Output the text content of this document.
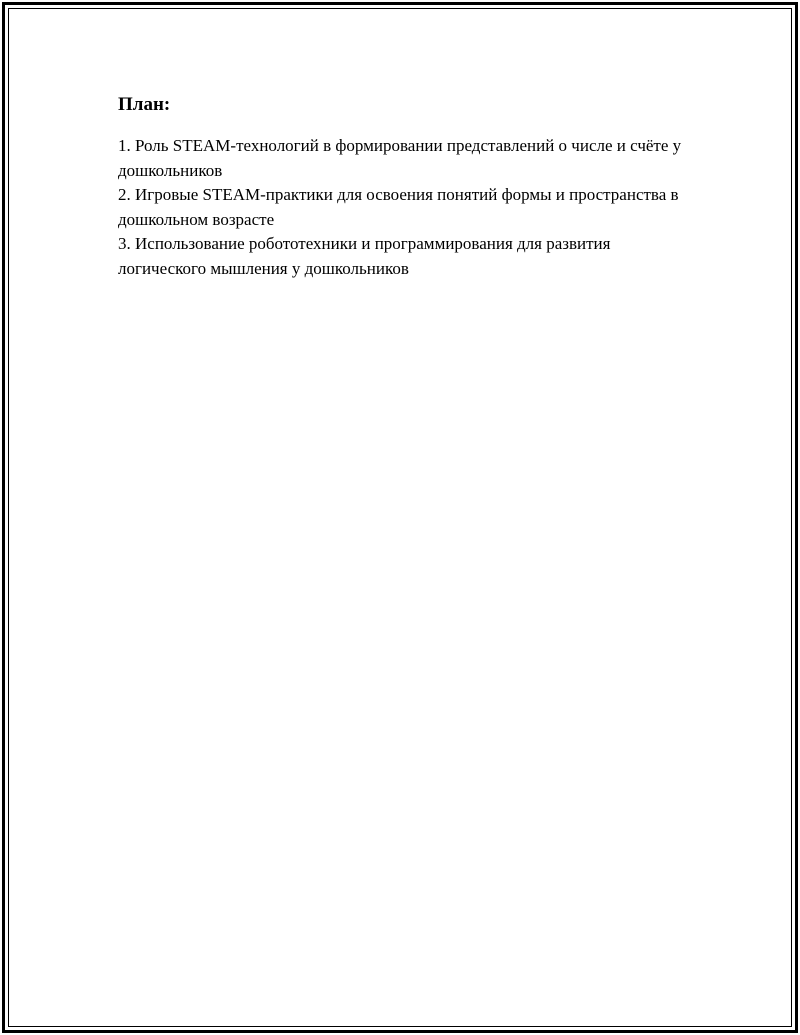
План:
1. Роль STEAM-технологий в формировании представлений о числе и счёте у дошкольников
2. Игровые STEAM-практики для освоения понятий формы и пространства в дошкольном возрасте
3. Использование робототехники и программирования для развития логического мышления у дошкольников
